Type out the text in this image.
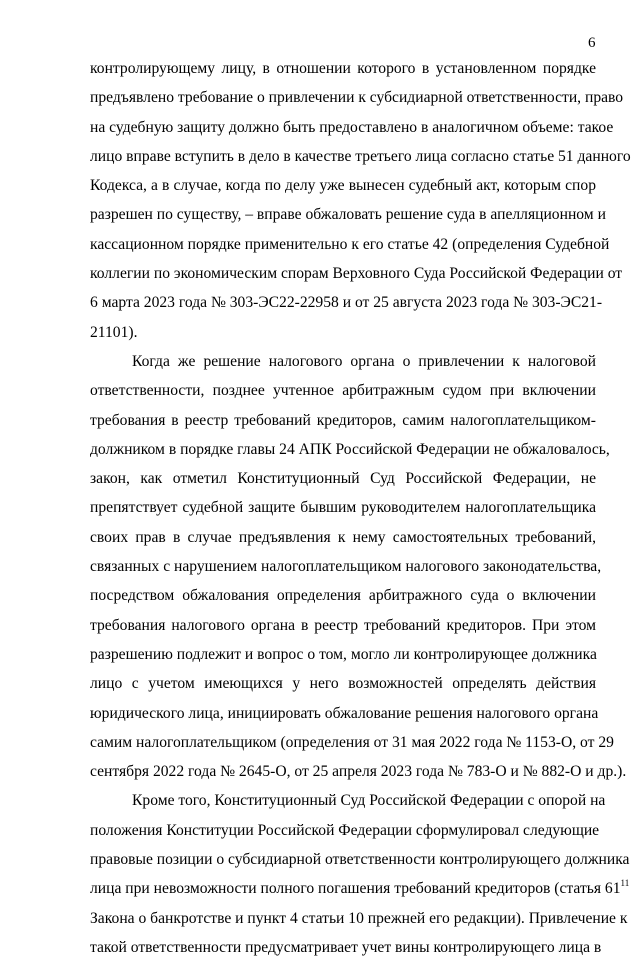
6
контролирующему лицу, в отношении которого в установленном порядке
предъявлено требование о привлечении к субсидиарной ответственности, право
на судебную защиту должно быть предоставлено в аналогичном объеме: такое
лицо вправе вступить в дело в качестве третьего лица согласно статье 51 данного
Кодекса, а в случае, когда по делу уже вынесен судебный акт, которым спор
разрешен по существу, – вправе обжаловать решение суда в апелляционном и
кассационном порядке применительно к его статье 42 (определения Судебной
коллегии по экономическим спорам Верховного Суда Российской Федерации от
6 марта 2023 года № 303-ЭС22-22958 и от 25 августа 2023 года № 303-ЭС21-
21101).
Когда же решение налогового органа о привлечении к налоговой
ответственности, позднее учтенное арбитражным судом при включении
требования в реестр требований кредиторов, самим налогоплательщиком-
должником в порядке главы 24 АПК Российской Федерации не обжаловалось,
закон, как отметил Конституционный Суд Российской Федерации, не
препятствует судебной защите бывшим руководителем налогоплательщика
своих прав в случае предъявления к нему самостоятельных требований,
связанных с нарушением налогоплательщиком налогового законодательства,
посредством обжалования определения арбитражного суда о включении
требования налогового органа в реестр требований кредиторов. При этом
разрешению подлежит и вопрос о том, могло ли контролирующее должника
лицо с учетом имеющихся у него возможностей определять действия
юридического лица, инициировать обжалование решения налогового органа
самим налогоплательщиком (определения от 31 мая 2022 года № 1153-О, от 29
сентября 2022 года № 2645-О, от 25 апреля 2023 года № 783-О и № 882-О и др.).
Кроме того, Конституционный Суд Российской Федерации с опорой на
положения Конституции Российской Федерации сформулировал следующие
правовые позиции о субсидиарной ответственности контролирующего должника
лица при невозможности полного погашения требований кредиторов (статья $61^{11}$
Закона о банкротстве и пункт 4 статьи 10 прежней его редакции). Привлечение к
такой ответственности предусматривает учет вины контролирующего лица в
